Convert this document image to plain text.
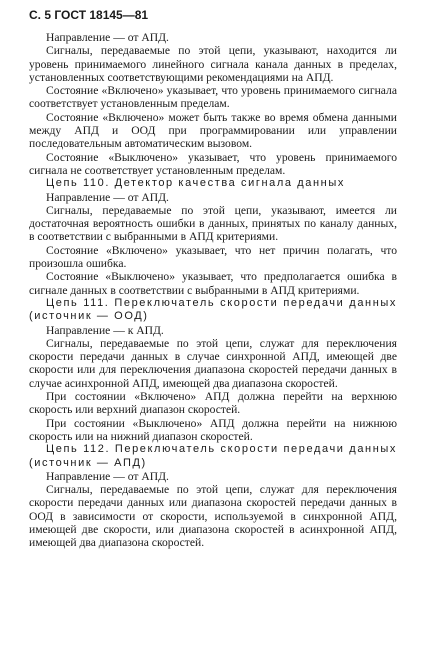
С. 5 ГОСТ 18145—81

Направление — от АПД.

Сигналы, передаваемые по этой цепи, указывают, находится ли уровень принимаемого линейного сигнала канала данных в пределах, установленных соответствующими рекомендациями на АПД.

Состояние «Включено» указывает, что уровень принимаемого сигнала соответствует установленным пределам.

Состояние «Включено» может быть также во время обмена данными между АПД и ООД при программировании или управлении последовательным автоматическим вызовом.

Состояние «Выключено» указывает, что уровень принимаемого сигнала не соответствует установленным пределам.

Цепь 110. Детектор качества сигнала данных

Направление — от АПД.

Сигналы, передаваемые по этой цепи, указывают, имеется ли достаточная вероятность ошибки в данных, принятых по каналу данных, в соответствии с выбранными в АПД критериями.

Состояние «Включено» указывает, что нет причин полагать, что произошла ошибка.

Состояние «Выключено» указывает, что предполагается ошибка в сигнале данных в соответствии с выбранными в АПД критериями.

Цепь 111. Переключатель скорости передачи данных (источник — ООД)

Направление — к АПД.

Сигналы, передаваемые по этой цепи, служат для переключения скорости передачи данных в случае синхронной АПД, имеющей две скорости или для переключения диапазона скоростей передачи данных в случае асинхронной АПД, имеющей два диапазона скоростей.

При состоянии «Включено» АПД должна перейти на верхнюю скорость или верхний диапазон скоростей.

При состоянии «Выключено» АПД должна перейти на нижнюю скорость или на нижний диапазон скоростей.

Цепь 112. Переключатель скорости передачи данных (источник — АПД)

Направление — от АПД.

Сигналы, передаваемые по этой цепи, служат для переключения скорости передачи данных или диапазона скоростей передачи данных в ООД в зависимости от скорости, используемой в синхронной АПД, имеющей две скорости, или диапазона скоростей в асинхронной АПД, имеющей два диапазона скоростей.
